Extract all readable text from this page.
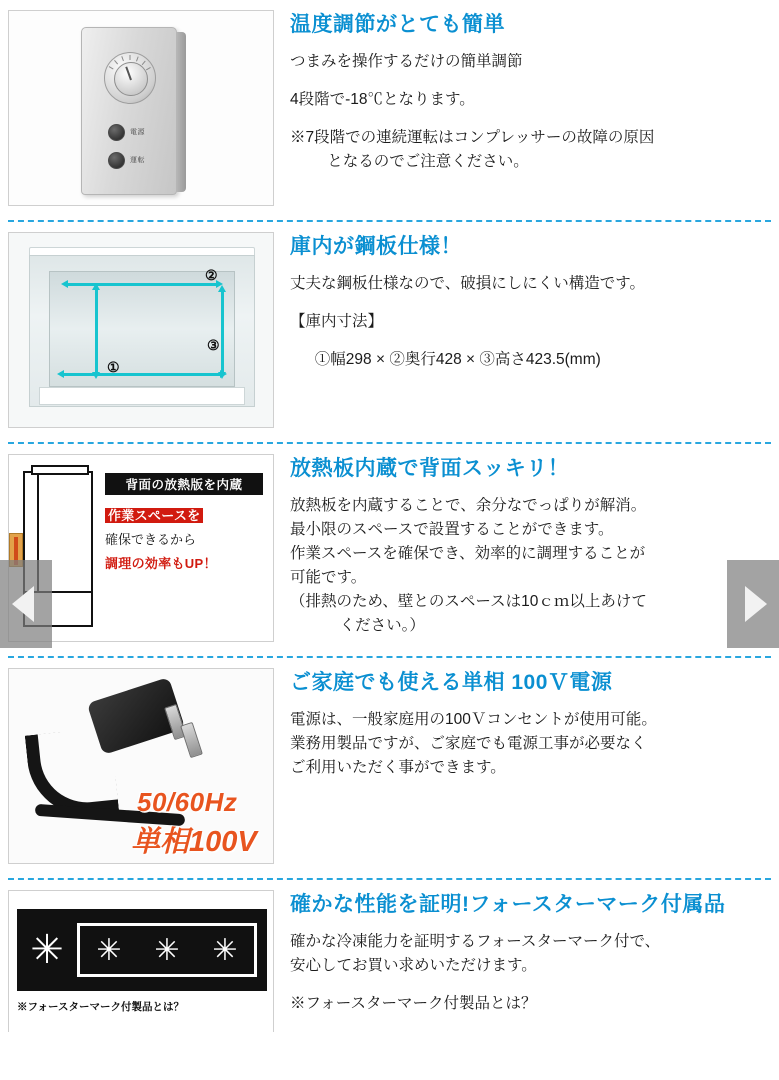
電源
運転
温度調節がとても簡単

つまみを操作するだけの簡単調節

4段階で-18℃となります。

※7段階での連続運転はコンプレッサーの故障の原因

となるのでご注意ください。

①
②
③
庫内が鋼板仕様！

丈夫な鋼板仕様なので、破損にしにくい構造です。

【庫内寸法】

①幅298 × ②奥行428 × ③高さ423.5(mm)

背面の放熱版を内蔵
作業スペースを
確保できるから
調理の効率もUP！
放熱板内蔵で背面スッキリ！

放熱板を内蔵することで、余分なでっぱりが解消。

最小限のスペースで設置することができます。

作業スペースを確保でき、効率的に調理することが

可能です。

（排熱のため、壁とのスペースは10ｃｍ以上あけて

ください。）

50/60Hz
単相100V
ご家庭でも使える単相 100Ｖ電源

電源は、一般家庭用の100Ｖコンセントが使用可能。

業務用製品ですが、ご家庭でも電源工事が必要なく

ご利用いただく事ができます。

✳	✳ ✳ ✳
※フォースターマーク付製品とは？
確かな性能を証明!フォースターマーク付属品

確かな冷凍能力を証明するフォースターマーク付で、

安心してお買い求めいただけます。

※フォースターマーク付製品とは？
